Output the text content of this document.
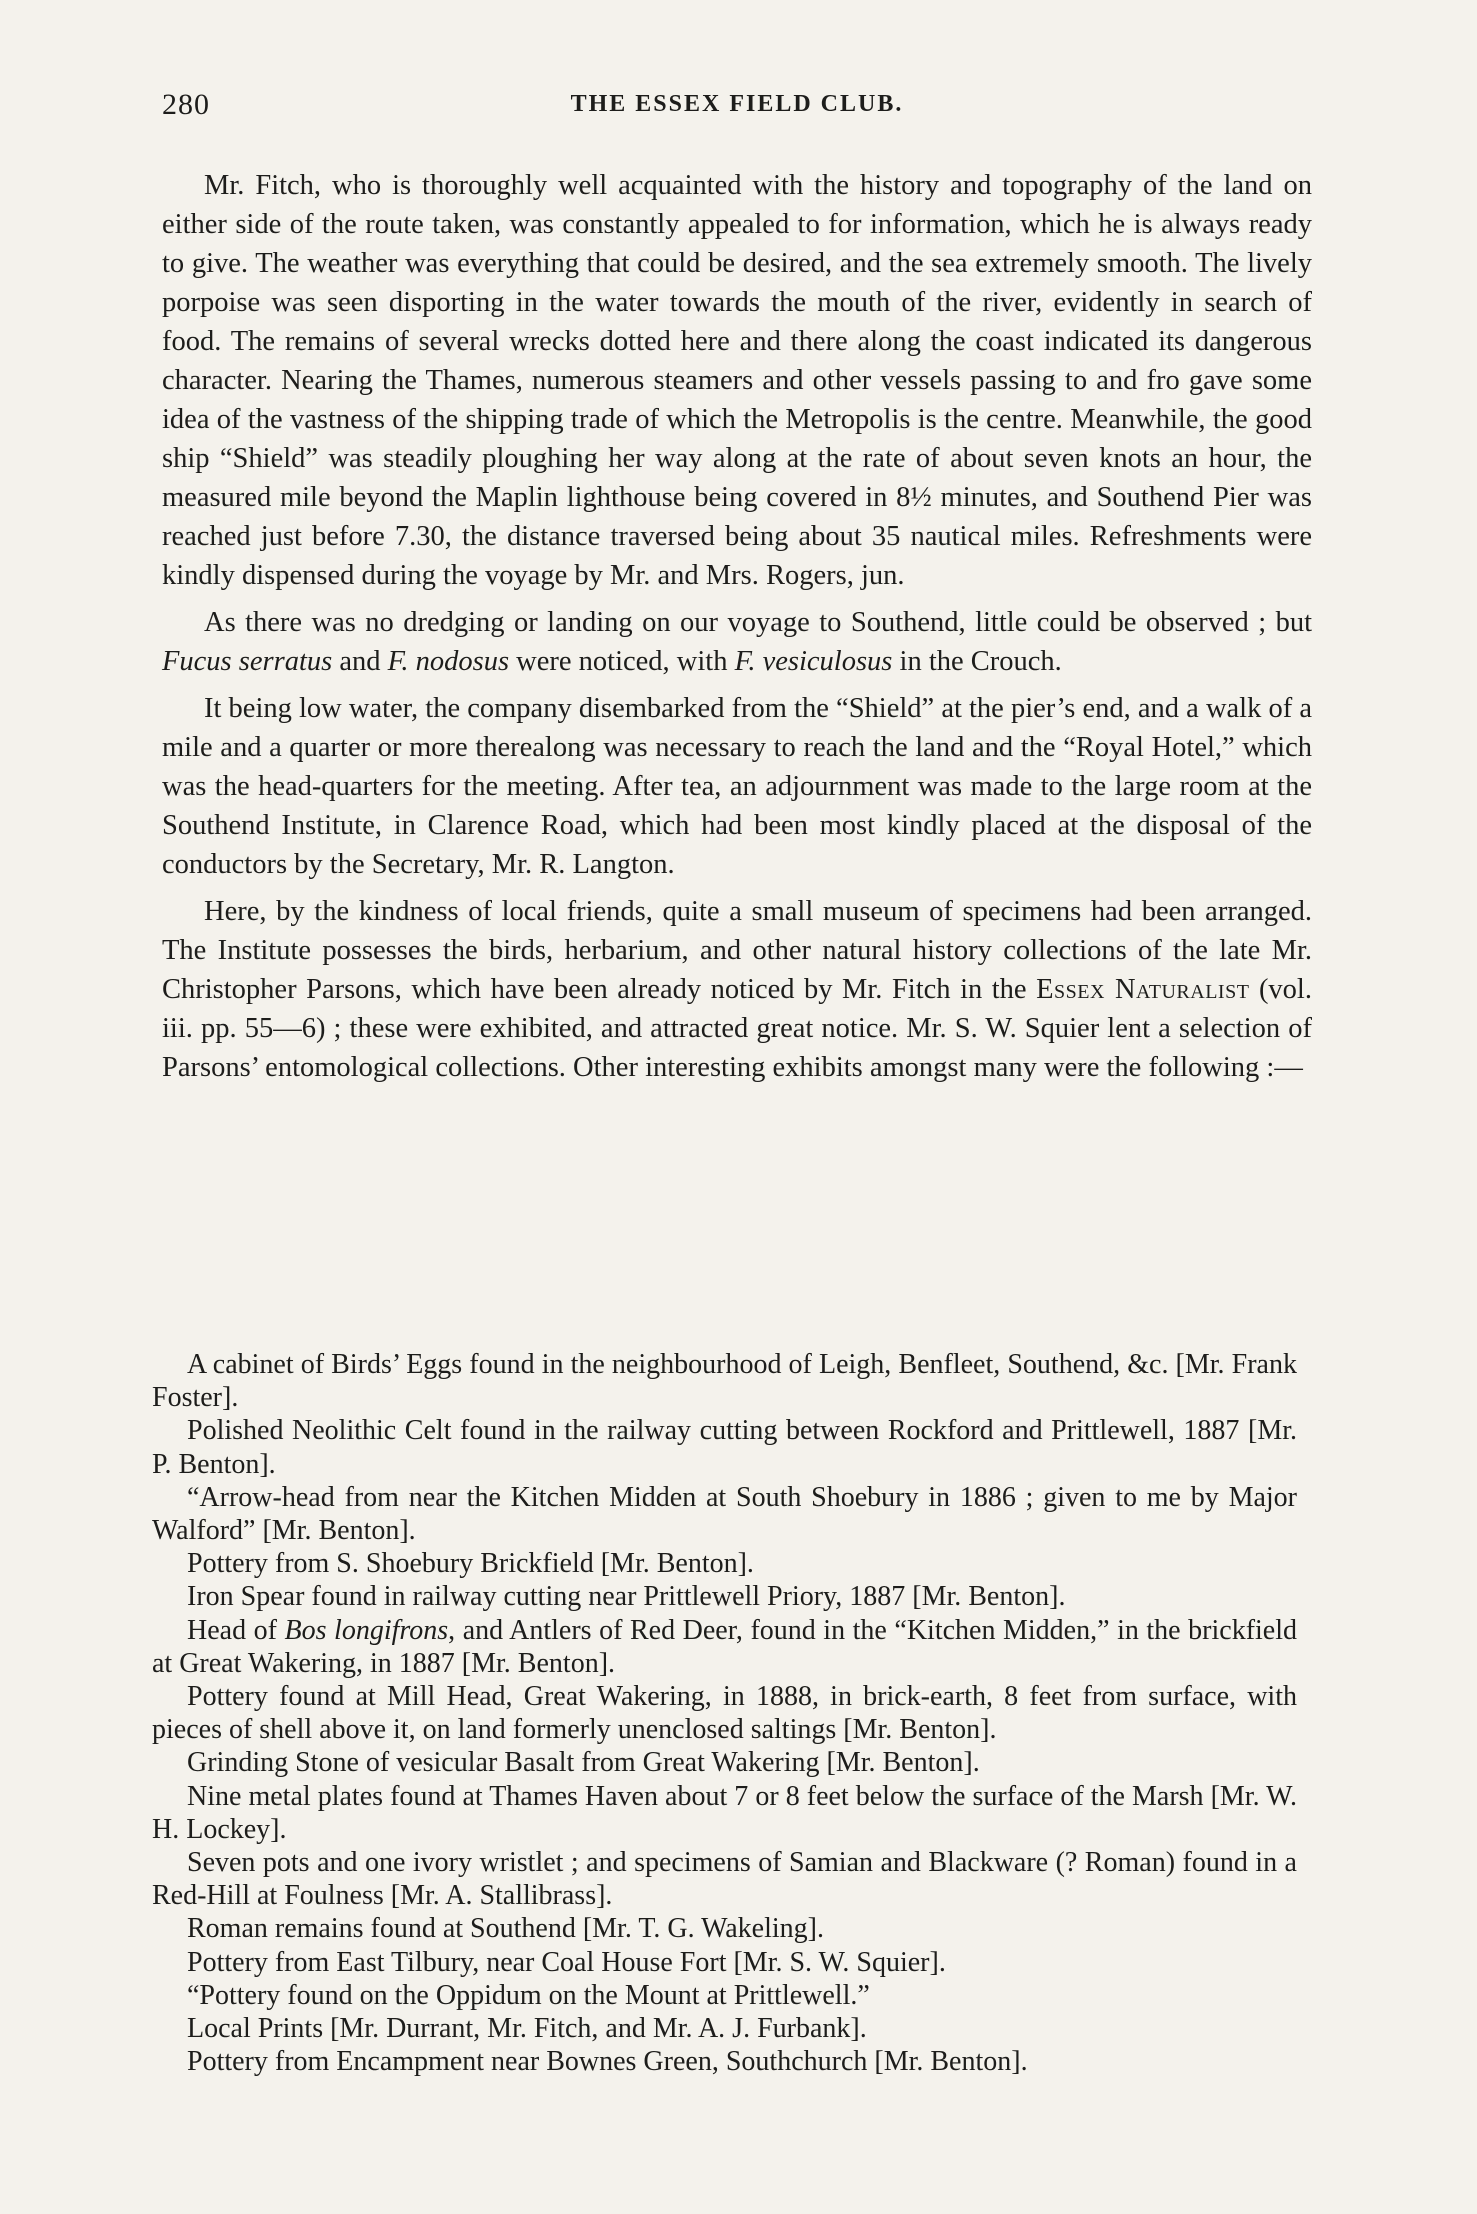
280	THE ESSEX FIELD CLUB.

Mr. Fitch, who is thoroughly well acquainted with the history and topography of the land on either side of the route taken, was constantly appealed to for information, which he is always ready to give. The weather was everything that could be desired, and the sea extremely smooth. The lively porpoise was seen disporting in the water towards the mouth of the river, evidently in search of food. The remains of several wrecks dotted here and there along the coast indicated its dangerous character. Nearing the Thames, numerous steamers and other vessels passing to and fro gave some idea of the vastness of the shipping trade of which the Metropolis is the centre. Meanwhile, the good ship “Shield” was steadily ploughing her way along at the rate of about seven knots an hour, the measured mile beyond the Maplin lighthouse being covered in 8½ minutes, and Southend Pier was reached just before 7.30, the distance traversed being about 35 nautical miles. Refreshments were kindly dispensed during the voyage by Mr. and Mrs. Rogers, jun.

As there was no dredging or landing on our voyage to Southend, little could be observed ; but Fucus serratus and F. nodosus were noticed, with F. vesiculosus in the Crouch.

It being low water, the company disembarked from the “Shield” at the pier’s end, and a walk of a mile and a quarter or more therealong was necessary to reach the land and the “Royal Hotel,” which was the head-quarters for the meeting. After tea, an adjournment was made to the large room at the Southend Institute, in Clarence Road, which had been most kindly placed at the disposal of the conductors by the Secretary, Mr. R. Langton.

Here, by the kindness of local friends, quite a small museum of specimens had been arranged. The Institute possesses the birds, herbarium, and other natural history collections of the late Mr. Christopher Parsons, which have been already noticed by Mr. Fitch in the Essex Naturalist (vol. iii. pp. 55—6) ; these were exhibited, and attracted great notice. Mr. S. W. Squier lent a selection of Parsons’ entomological collections. Other interesting exhibits amongst many were the following :—

A cabinet of Birds’ Eggs found in the neighbourhood of Leigh, Benfleet, Southend, &c. [Mr. Frank Foster].

Polished Neolithic Celt found in the railway cutting between Rockford and Prittlewell, 1887 [Mr. P. Benton].

“Arrow-head from near the Kitchen Midden at South Shoebury in 1886 ; given to me by Major Walford” [Mr. Benton].

Pottery from S. Shoebury Brickfield [Mr. Benton].

Iron Spear found in railway cutting near Prittlewell Priory, 1887 [Mr. Benton].

Head of Bos longifrons, and Antlers of Red Deer, found in the “Kitchen Midden,” in the brickfield at Great Wakering, in 1887 [Mr. Benton].

Pottery found at Mill Head, Great Wakering, in 1888, in brick-earth, 8 feet from surface, with pieces of shell above it, on land formerly unenclosed saltings [Mr. Benton].

Grinding Stone of vesicular Basalt from Great Wakering [Mr. Benton].

Nine metal plates found at Thames Haven about 7 or 8 feet below the surface of the Marsh [Mr. W. H. Lockey].

Seven pots and one ivory wristlet ; and specimens of Samian and Blackware (? Roman) found in a Red-Hill at Foulness [Mr. A. Stallibrass].

Roman remains found at Southend [Mr. T. G. Wakeling].

Pottery from East Tilbury, near Coal House Fort [Mr. S. W. Squier].

“Pottery found on the Oppidum on the Mount at Prittlewell.”

Local Prints [Mr. Durrant, Mr. Fitch, and Mr. A. J. Furbank].

Pottery from Encampment near Bownes Green, Southchurch [Mr. Benton].
